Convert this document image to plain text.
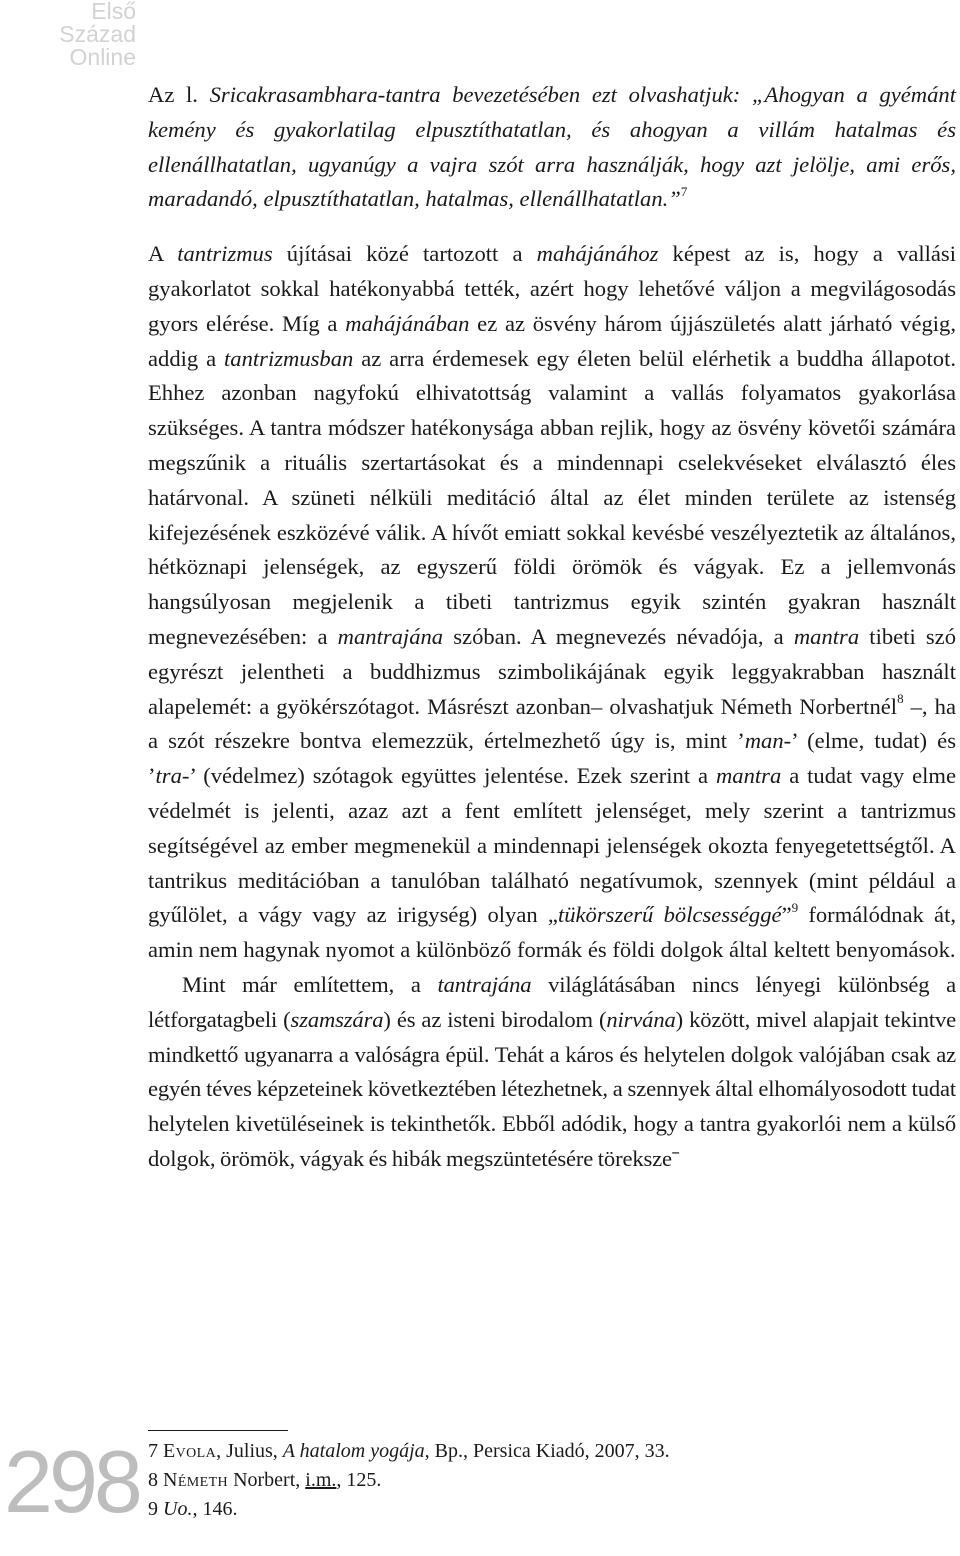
Első
Század
Online

Az l. Sricakrasambhara-tantra bevezetésében ezt olvashatjuk: „Ahogyan a gyémánt kemény és gyakorlatilag elpusztíthatatlan, és ahogyan a villám hatalmas és ellenállhatatlan, ugyanúgy a vajra szót arra használják, hogy azt jelölje, ami erős, maradandó, elpusztíthatatlan, hatalmas, ellenállhatatlan.”$^7$

A tantrizmus újításai közé tartozott a mahájánához képest az is, hogy a vallási gyakorlatot sokkal hatékonyabbá tették, azért hogy lehetővé váljon a megvilágosodás gyors elérése. Míg a mahájánában ez az ösvény három újjászületés alatt járható végig, addig a tantrizmusban az arra érdemesek egy életen belül elérhetik a buddha állapotot. Ehhez azonban nagyfokú elhivatottság valamint a vallás folyamatos gyakorlása szükséges. A tantra módszer hatékonysága abban rejlik, hogy az ösvény követői számára megszűnik a rituális szertartásokat és a mindennapi cselekvéseket elválasztó éles határvonal. A szüneti nélküli meditáció által az élet minden területe az istenség kifejezésének eszközévé válik. A hívőt emiatt sokkal kevésbé veszélyeztetik az általános, hétköznapi jelenségek, az egyszerű földi örömök és vágyak. Ez a jellemvonás hangsúlyosan megjelenik a tibeti tantrizmus egyik szintén gyakran használt megnevezésében: a mantrajána szóban. A megnevezés névadója, a mantra tibeti szó egyrészt jelentheti a buddhizmus szimbolikájának egyik leggyakrabban használt alapelemét: a gyökérszótagot. Másrészt azonban– olvashatjuk Németh Norbertnél$^8$ –, ha a szót részekre bontva elemezzük, értelmezhető úgy is, mint ’man-’ (elme, tudat) és ’tra-’ (védelmez) szótagok együttes jelentése. Ezek szerint a mantra a tudat vagy elme védelmét is jelenti, azaz azt a fent említett jelenséget, mely szerint a tantrizmus segítségével az ember megmenekül a mindennapi jelenségek okozta fenyegetettségtől. A tantrikus meditációban a tanulóban található negatívumok, szennyek (mint például a gyűlölet, a vágy vagy az irigység) olyan „tükörszerű bölcsességgé”$^9$ formálódnak át, amin nem hagynak nyomot a különböző formák és földi dolgok által keltett benyomások.

Mint már említettem, a tantrajána világlátásában nincs lényegi különbség a létforgatagbeli (szamszára) és az isteni birodalom (nirvána) között, mivel alapjait tekintve mindkettő ugyanarra a valóságra épül. Tehát a káros és helytelen dolgok valójában csak az egyén téves képzeteinek következtében létezhetnek, a szennyek által elhomályosodott tudat helytelen kivetüléseinek is tekinthetők. Ebből adódik, hogy a tantra gyakorlói nem a külső dolgok, örömök, vágyak és hibák megszüntetésére törekszeˉ

7 Evola, Julius, A hatalom yogája, Bp., Persica Kiadó, 2007, 33.

8 Németh Norbert, i.m., 125.

9 Uo., 146.

298
